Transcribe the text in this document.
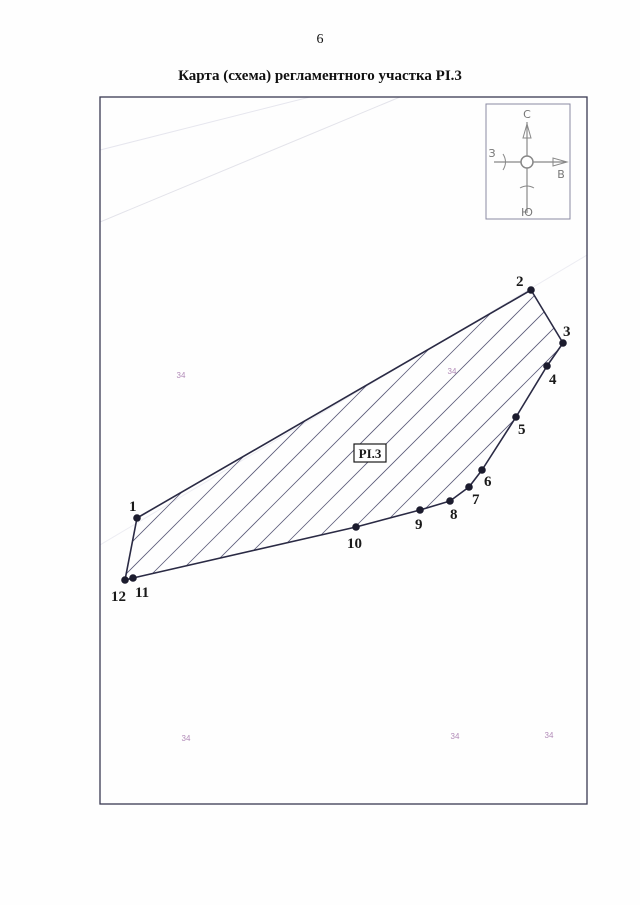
6
Карта (схема) регламентного участка PI.3
С
Ю
В
З
34	34
34	34	34
PI.3
1
2
3
4
5
6
7
8
9
10
11
12
